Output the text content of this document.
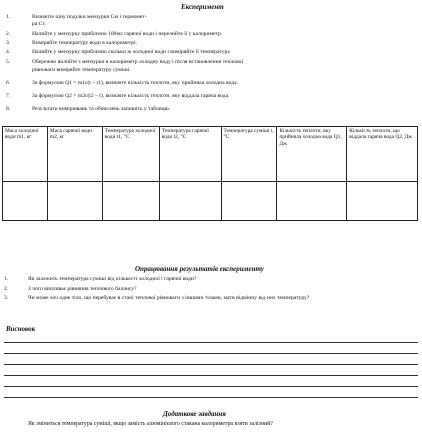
Експеримент
1.	Визначте ціну поділки мензурки Cм і термомет-
ра Cт.
2.	Налийте у мензурку приблизно 100мл гарячої води і перелийте її у калориметр.
3.	Виміряйте температуру води в калориметрі.
4.	Налийте у мензурку приблизно скільки ж холодної води і виміряйте її температуру.
5.	Обережно вилийте з мензурки в калориметр холодну воду і після встановлення теплової
рівноваги виміряйте температуру суміші.
6.	За формулою Q1 = m1c(t – t1), визначте кількість теплоти, яку прийняла холодна вода.
7.	За формулою Q2 = m2c(t2 – t), визначте кількість теплоти, яку віддала гаряча вода.
8.	Результати вимірювань та обчислень запишіть у таблицю.
Маса холодної води m1, кг	Маса гарячої води m2, кг	Температура холодної води t1, °С	Температура гарячої води t2, °С	Температура суміші t, °С	Кількість теплоти, яку прийняла холодна вода Q1, Дж	Кількість теплоти, що віддала гаряча вода Q2, Дж

Опрацювання результатів експерименту
1.	Як залежить температура суміші від кількості холодної і гарячої води?
2.	З чого випливає рівняння теплового балансу?
3.	Чи може хоч одне тіло, що перебуває в стані теплової рівноваги з іншими тілами, мати відмінну від них температуру?
Висновок
Додаткове завдання
Як зміниться температура суміші, якщо замість алюмінієвого стакана калориметра взяти залізний?
